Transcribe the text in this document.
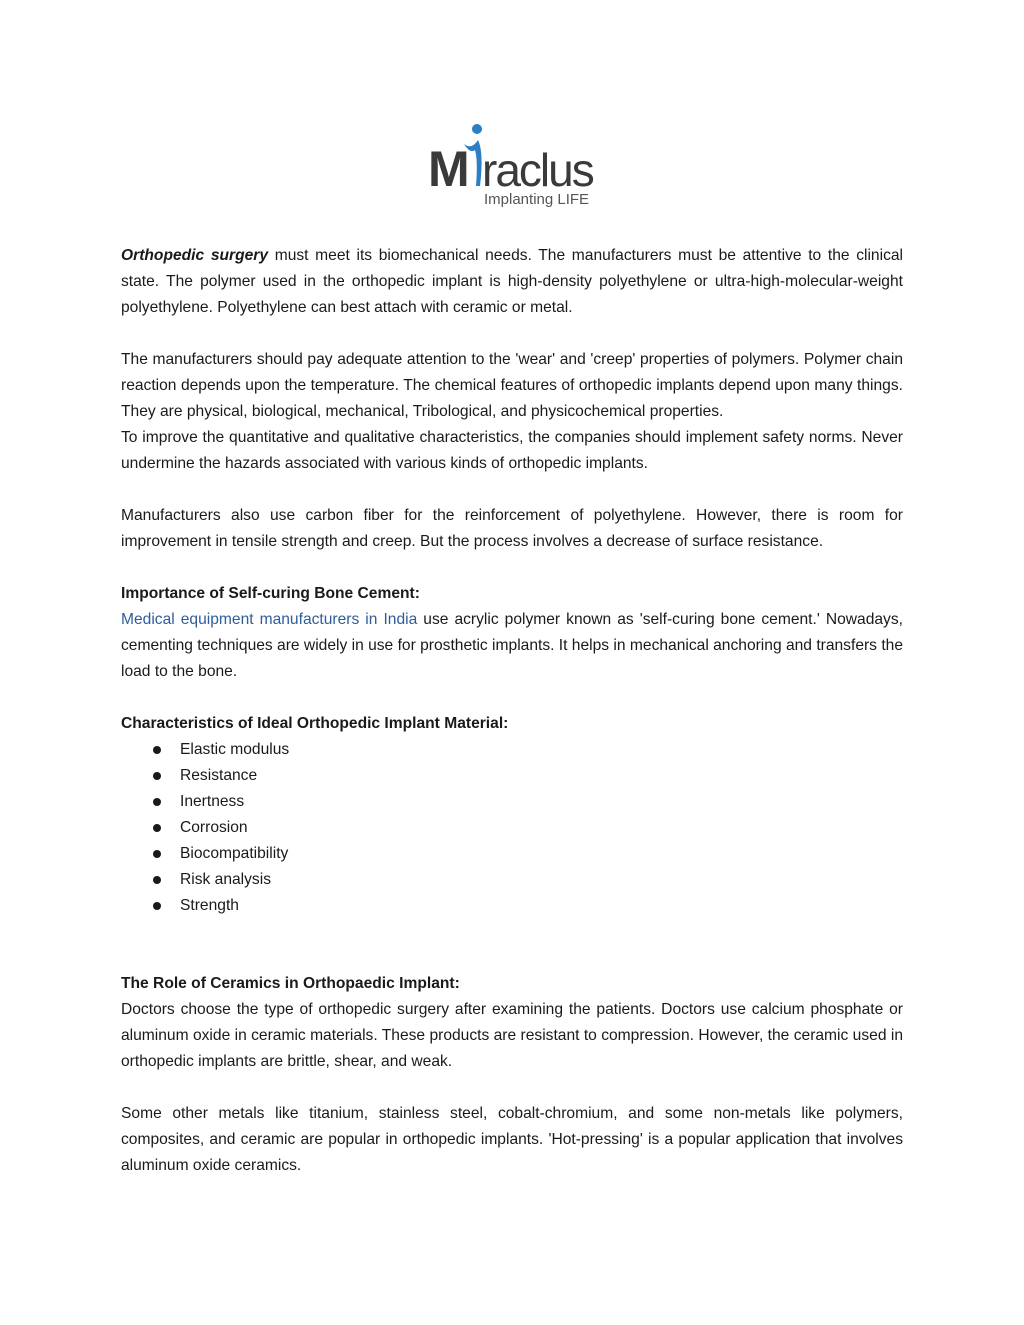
M raclus
Implanting LIFE

Orthopedic surgery must meet its biomechanical needs. The manufacturers must be attentive to the clinical state. The polymer used in the orthopedic implant is high-density polyethylene or ultra-high-molecular-weight polyethylene. Polyethylene can best attach with ceramic or metal.

The manufacturers should pay adequate attention to the 'wear' and 'creep' properties of polymers. Polymer chain reaction depends upon the temperature. The chemical features of orthopedic implants depend upon many things. They are physical, biological, mechanical, Tribological, and physicochemical properties.

To improve the quantitative and qualitative characteristics, the companies should implement safety norms. Never undermine the hazards associated with various kinds of orthopedic implants.

Manufacturers also use carbon fiber for the reinforcement of polyethylene. However, there is room for improvement in tensile strength and creep. But the process involves a decrease of surface resistance.

Importance of Self-curing Bone Cement:

Medical equipment manufacturers in India use acrylic polymer known as 'self-curing bone cement.' Nowadays, cementing techniques are widely in use for prosthetic implants. It helps in mechanical anchoring and transfers the load to the bone.

Characteristics of Ideal Orthopedic Implant Material:

Elastic modulus
Resistance
Inertness
Corrosion
Biocompatibility
Risk analysis
Strength

The Role of Ceramics in Orthopaedic Implant:

Doctors choose the type of orthopedic surgery after examining the patients. Doctors use calcium phosphate or aluminum oxide in ceramic materials. These products are resistant to compression. However, the ceramic used in orthopedic implants are brittle, shear, and weak.

Some other metals like titanium, stainless steel, cobalt-chromium, and some non-metals like polymers, composites, and ceramic are popular in orthopedic implants. 'Hot-pressing' is a popular application that involves aluminum oxide ceramics.
